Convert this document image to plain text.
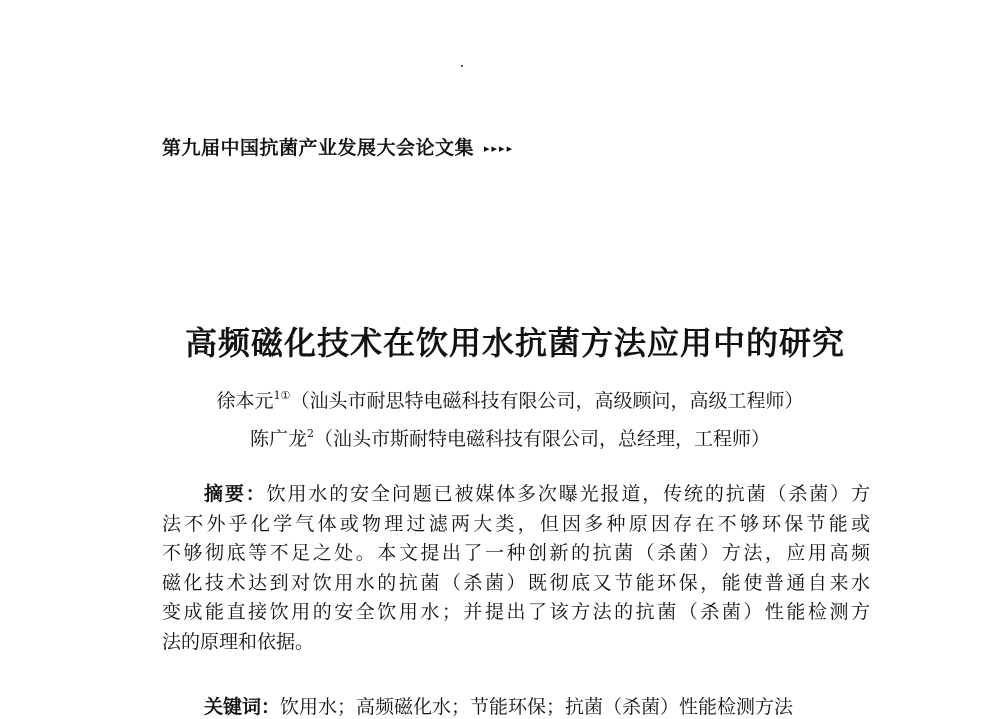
第九届中国抗菌产业发展大会论文集 ▸▸▸▸
高频磁化技术在饮用水抗菌方法应用中的研究
徐本元$^{1①}$（汕头市耐思特电磁科技有限公司，高级顾问，高级工程师）
陈广龙$^2$（汕头市斯耐特电磁科技有限公司，总经理，工程师）
摘要：饮用水的安全问题已被媒体多次曝光报道，传统的抗菌（杀菌）方
法不外乎化学气体或物理过滤两大类，但因多种原因存在不够环保节能或
不够彻底等不足之处。本文提出了一种创新的抗菌（杀菌）方法，应用高频
磁化技术达到对饮用水的抗菌（杀菌）既彻底又节能环保，能使普通自来水
变成能直接饮用的安全饮用水；并提出了该方法的抗菌（杀菌）性能检测方
法的原理和依据。
关键词：饮用水；高频磁化水；节能环保；抗菌（杀菌）性能检测方法
